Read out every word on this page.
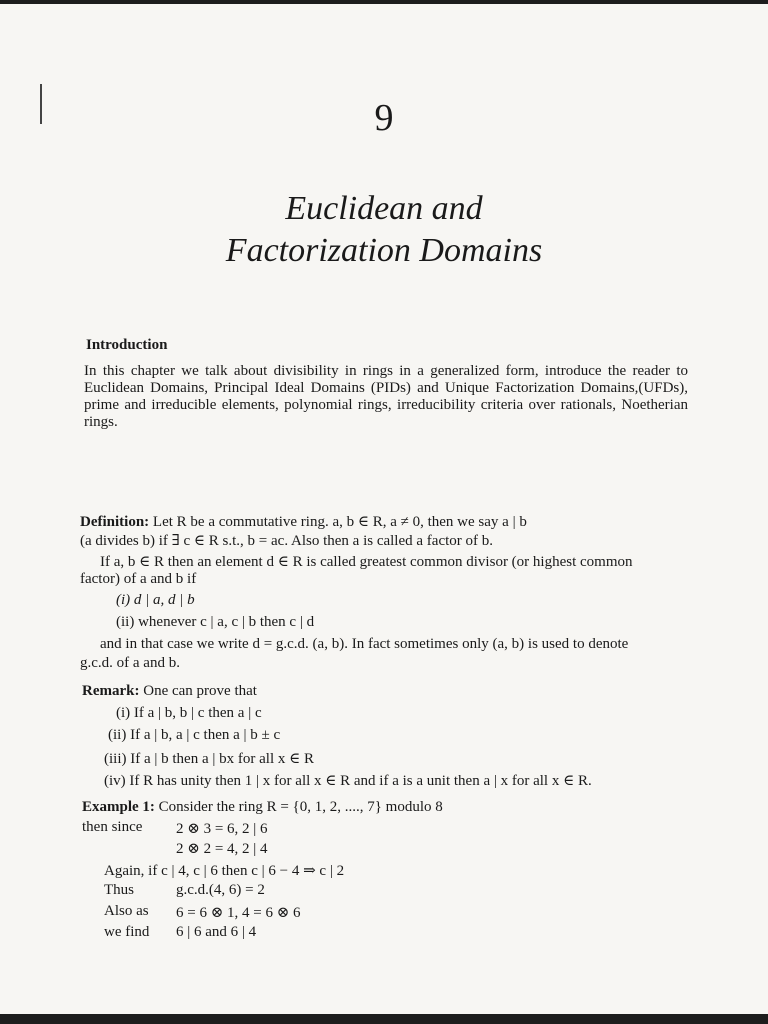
9
Euclidean and
Factorization Domains
Introduction
In this chapter we talk about divisibility in rings in a generalized form, introduce the reader to Euclidean Domains, Principal Ideal Domains (PIDs) and Unique Factorization Domains,(UFDs), prime and irreducible elements, polynomial rings, irreducibility criteria over rationals, Noetherian rings.
Definition: Let R be a commutative ring. a, b ∈ R, a ≠ 0, then we say a | b
(a divides b) if ∃ c ∈ R s.t., b = ac. Also then a is called a factor of b.
If a, b ∈ R then an element d ∈ R is called greatest common divisor (or highest common
factor) of a and b if
(i) d | a, d | b
(ii) whenever c | a, c | b then c | d
and in that case we write d = g.c.d. (a, b). In fact sometimes only (a, b) is used to denote
g.c.d. of a and b.
Remark: One can prove that
(i) If a | b, b | c then a | c
(ii) If a | b, a | c then a | b ± c
(iii) If a | b then a | bx for all x ∈ R
(iv) If R has unity then 1 | x for all x ∈ R and if a is a unit then a | x for all x ∈ R.
Example 1: Consider the ring R = {0, 1, 2, ...., 7} modulo 8
then since 2 ⊗ 3 = 6, 2 | 6
2 ⊗ 2 = 4, 2 | 4
Again, if c | 4, c | 6 then c | 6 − 4 ⇒ c | 2
Thus	g.c.d.(4, 6) = 2
Also as 6 = 6 ⊗ 1, 4 = 6 ⊗ 6
we find 6 | 6 and 6 | 4
